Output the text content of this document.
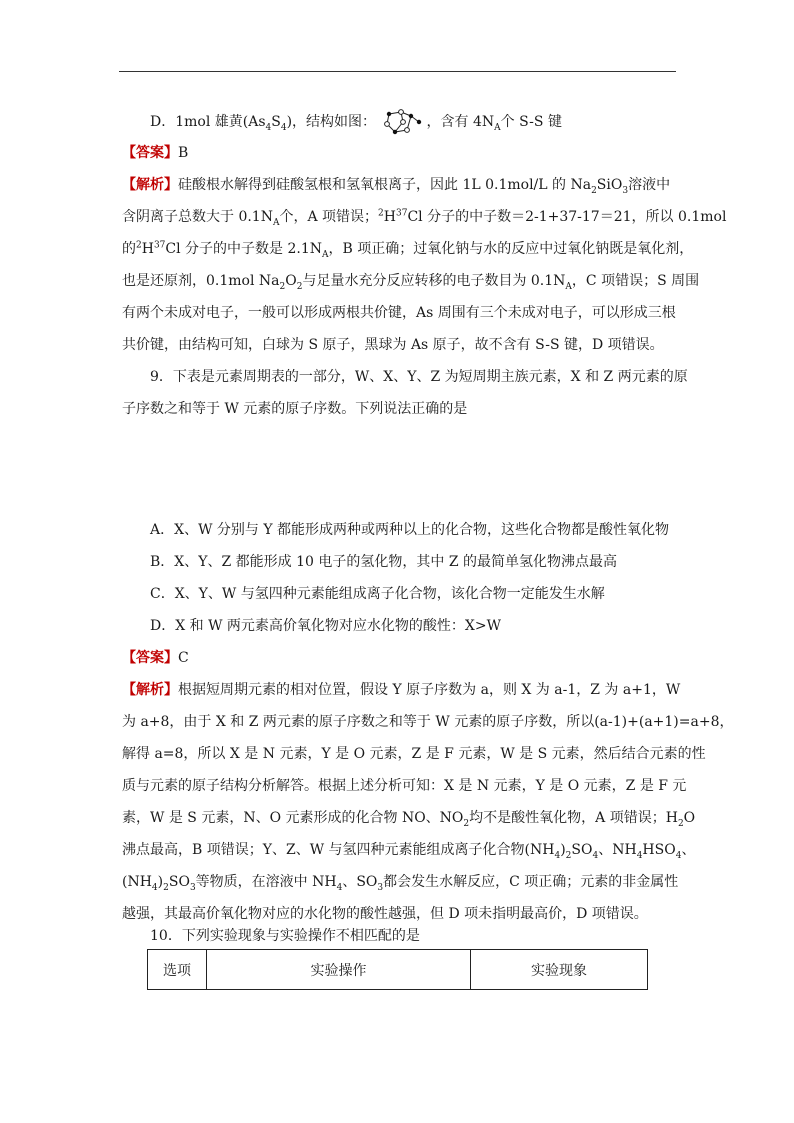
D．1mol 雄黄$(As_4S_4)$，结构如图：	，含有 $4N_A$个 S-S 键
【答案】B
【解析】硅酸根水解得到硅酸氢根和氢氧根离子，因此 1L 0.1mol/L 的 $Na_2SiO_3$溶液中
含阴离子总数大于 $0.1N_A$个，A 项错误；$^2H^{37}Cl$ 分子的中子数＝2-1+37-17＝21，所以 0.1mol
的$^2H^{37}Cl$ 分子的中子数是 $2.1N_A$，B 项正确；过氧化钠与水的反应中过氧化钠既是氧化剂，
也是还原剂，0.1mol $Na_2O_2$与足量水充分反应转移的电子数目为 $0.1N_A$，C 项错误；S 周围
有两个未成对电子，一般可以形成两根共价键，As 周围有三个未成对电子，可以形成三根
共价键，由结构可知，白球为 S 原子，黑球为 As 原子，故不含有 S-S 键，D 项错误。
9．下表是元素周期表的一部分，W、X、Y、Z 为短周期主族元素，X 和 Z 两元素的原
子序数之和等于 W 元素的原子序数。下列说法正确的是
A．X、W 分别与 Y 都能形成两种或两种以上的化合物，这些化合物都是酸性氧化物
B．X、Y、Z 都能形成 10 电子的氢化物，其中 Z 的最简单氢化物沸点最高
C．X、Y、W 与氢四种元素能组成离子化合物，该化合物一定能发生水解
D．X 和 W 两元素高价氧化物对应水化物的酸性：X>W
【答案】C
【解析】根据短周期元素的相对位置，假设 Y 原子序数为 a，则 X 为 a-1，Z 为 a+1，W
为 a+8，由于 X 和 Z 两元素的原子序数之和等于 W 元素的原子序数，所以(a-1)+(a+1)=a+8，
解得 a=8，所以 X 是 N 元素，Y 是 O 元素，Z 是 F 元素，W 是 S 元素，然后结合元素的性
质与元素的原子结构分析解答。根据上述分析可知：X 是 N 元素，Y 是 O 元素，Z 是 F 元
素，W 是 S 元素，N、O 元素形成的化合物 NO、$NO_2$均不是酸性氧化物，A 项错误；$H_2O$
沸点最高，B 项错误；Y、Z、W 与氢四种元素能组成离子化合物$(NH_4)_2SO_4$、$NH_4HSO_4$、
$(NH_4)_2SO_3$等物质，在溶液中 $NH_4$、$SO_3$都会发生水解反应，C 项正确；元素的非金属性
越强，其最高价氧化物对应的水化物的酸性越强，但 D 项未指明最高价，D 项错误。
10．下列实验现象与实验操作不相匹配的是
选项	实验操作	实验现象
